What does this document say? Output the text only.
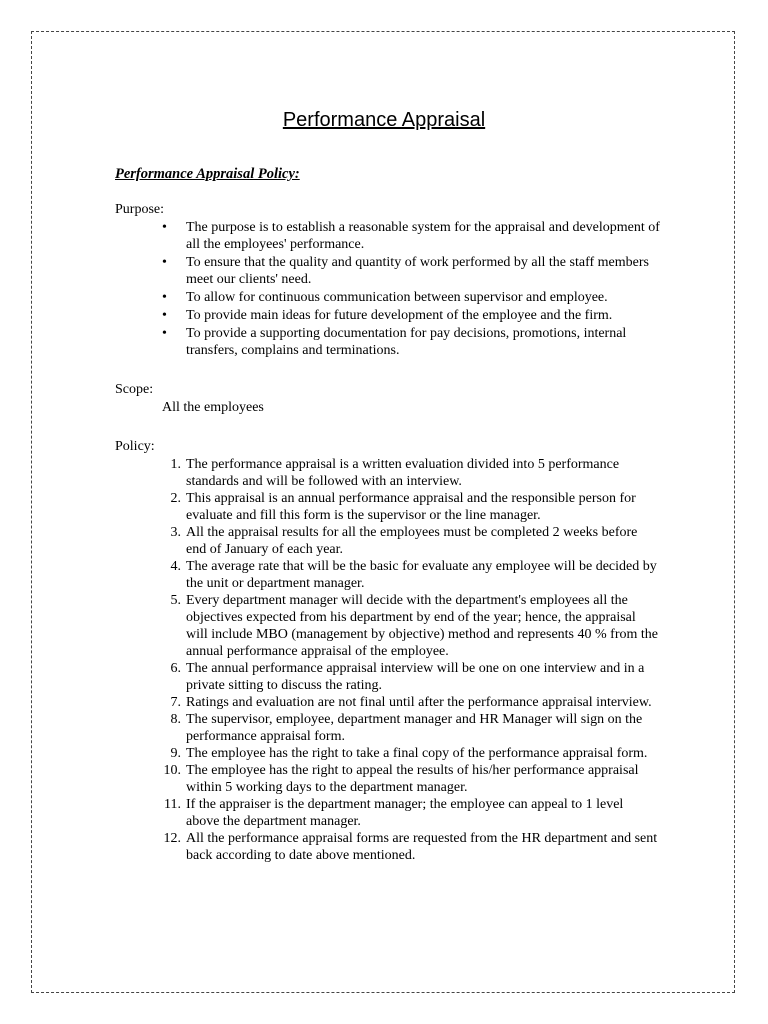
Performance Appraisal
Performance Appraisal Policy:
Purpose:
• The purpose is to establish a reasonable system for the appraisal and development of all the employees' performance.
• To ensure that the quality and quantity of work performed by all the staff members meet our clients' need.
• To allow for continuous communication between supervisor and employee.
• To provide main ideas for future development of the employee and the firm.
• To provide a supporting documentation for pay decisions, promotions, internal transfers, complains and terminations.
Scope:
All the employees
Policy:
1. The performance appraisal is a written evaluation divided into 5 performance standards and will be followed with an interview.
2. This appraisal is an annual performance appraisal and the responsible person for evaluate and fill this form is the supervisor or the line manager.
3. All the appraisal results for all the employees must be completed 2 weeks before end of January of each year.
4. The average rate that will be the basic for evaluate any employee will be decided by the unit or department manager.
5. Every department manager will decide with the department's employees all the objectives expected from his department by end of the year; hence, the appraisal will include MBO (management by objective) method and represents 40 % from the annual performance appraisal of the employee.
6. The annual performance appraisal interview will be one on one interview and in a private sitting to discuss the rating.
7. Ratings and evaluation are not final until after the performance appraisal interview.
8. The supervisor, employee, department manager and HR Manager will sign on the performance appraisal form.
9. The employee has the right to take a final copy of the performance appraisal form.
10. The employee has the right to appeal the results of his/her performance appraisal within 5 working days to the department manager.
11. If the appraiser is the department manager; the employee can appeal to 1 level above the department manager.
12. All the performance appraisal forms are requested from the HR department and sent back according to date above mentioned.
